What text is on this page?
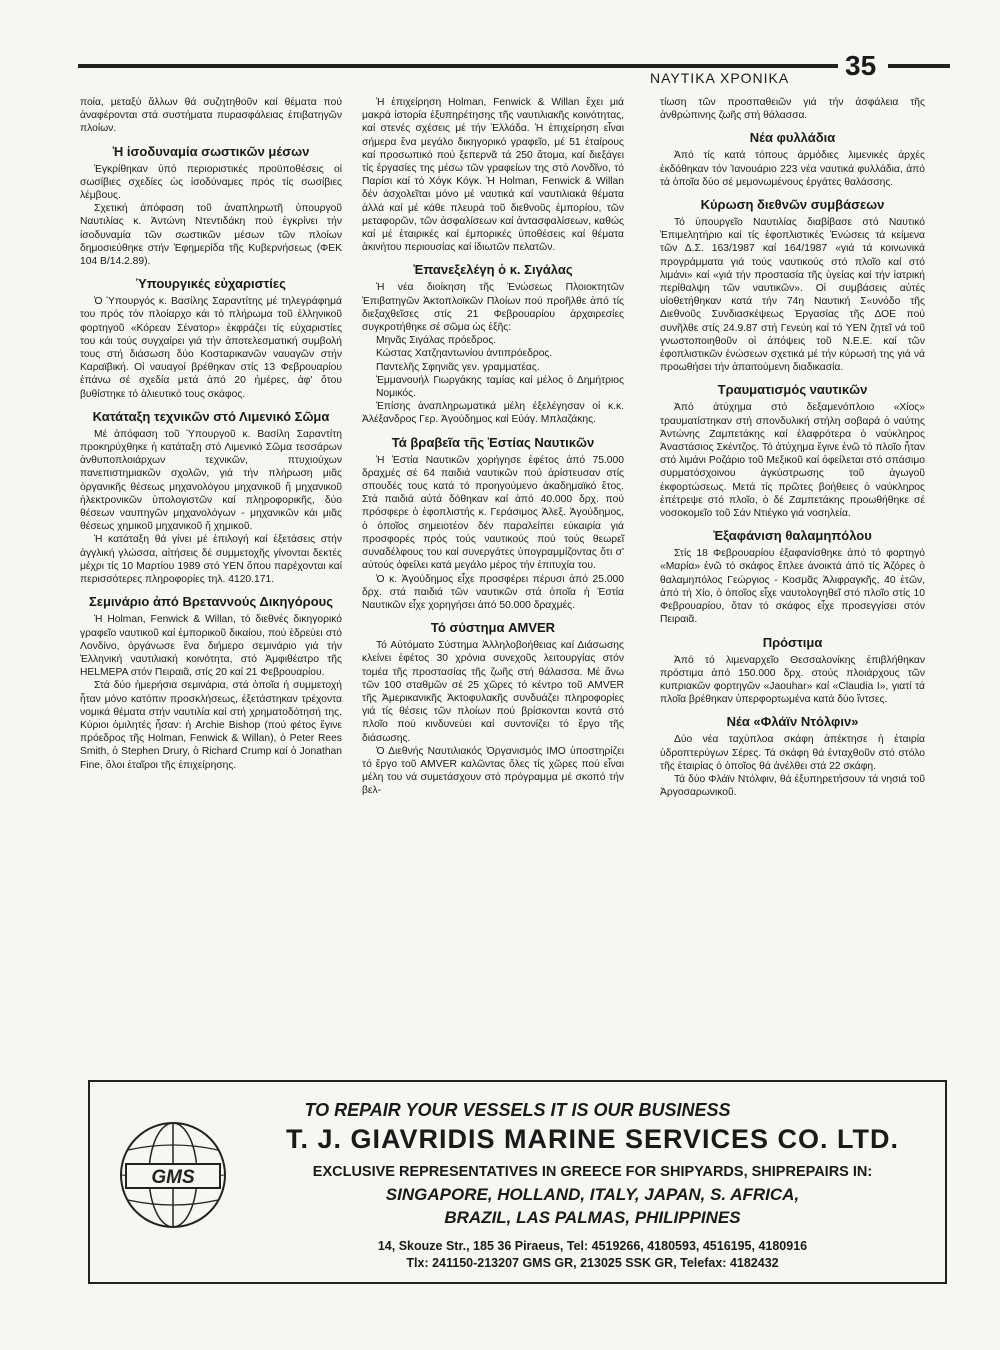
ΝΑΥΤΙΚΑ ΧΡΟΝΙΚΑ 35

ποία, μεταξύ ἄλλων θά συζητηθοῦν καί θέματα πού ἀναφέρονται στά συστήματα πυρασφάλειας ἐπιβατηγῶν πλοίων.

Ἡ ἰσοδυναμία σωστικῶν μέσων

Ἐγκρίθηκαν ὑπό περιοριστικές προϋποθέσεις οἱ σωσίβιες σχεδίες ὡς ἰσοδύναμες πρός τίς σωσίβιες λέμβους.

Σχετική ἀπόφαση τοῦ ἀναπληρωτῆ ὑπουργοῦ Ναυτιλίας κ. Ἀντώνη Ντεντιδάκη πού ἐγκρίνει τήν ἰσοδυναμία τῶν σωστικῶν μέσων τῶν πλοίων δημοσιεύθηκε στήν Ἐφημερίδα τῆς Κυβερνήσεως (ΦΕΚ 104 Β/14.2.89).

Ὑπουργικές εὐχαριστίες

Ὁ Ὑπουργός κ. Βασίλης Σαραντίτης μέ τηλεγράφημά του πρός τόν πλοίαρχο κάι τό πλήρωμα τοῦ ἑλληνικοῦ φορτηγοῦ «Κόρεαν Σένατορ» ἐκφράζει τίς εὐχαριστίες του κάι τούς συγχαίρει γιά τήν ἀποτελεσματική συμβολή τους στή διάσωση δύο Κοσταρικανῶν ναυαγῶν στήν Καραϊβική. Οἱ ναυαγοί βρέθηκαν στίς 13 Φεβρουαρίου ἐπάνω σέ σχεδία μετά ἀπό 20 ἡμέρες, ἀφ' ὅτου βυθίστηκε τό ἁλιευτικό τους σκάφος.

Κατάταξη τεχνικῶν στό Λιμενικό Σῶμα

Μέ ἀπόφαση τοῦ Ὑπουργοῦ κ. Βασίλη Σαραντίτη προκηρύχθηκε ἡ κατάταξη στό Λιμενικό Σῶμα τεσσάρων ἀνθυποπλοιάρχων τεχνικῶν, πτυχιούχων πανεπιστημιακῶν σχολῶν, γιά τήν πλήρωση μιᾶς ὀργανικῆς θέσεως μηχανολόγου μηχανικοῦ ἤ μηχανικοῦ ἠλεκτρονικῶν ὑπολογιστῶν καί πληροφορικῆς, δύο θέσεων ναυπηγῶν μηχανολόγων - μηχανικῶν κάι μιᾶς θέσεως χημικοῦ μηχανικοῦ ἤ χημικοῦ.

Ἡ κατάταξη θά γίνει μέ ἐπιλογή καί ἐξετάσεις στήν ἀγγλική γλώσσα, αἰτήσεις δέ συμμετοχῆς γίνονται δεκτές μέχρι τίς 10 Μαρτίου 1989 στό ΥΕΝ ὅπου παρέχονται καί περισσότερες πληροφορίες τηλ. 4120.171.

Σεμινάριο ἀπό Βρεταννούς Δικηγόρους

Ἡ Holman, Fenwick & Willan, τό διεθνές δικηγορικό γραφεῖο ναυτικοῦ καί ἐμπορικοῦ δικαίου, πού ἑδρεύει στό Λονδίνο, ὀργάνωσε ἕνα διήμερο σεμινάριο γιά τήν Ἑλληνική ναυτιλιακή κοινότητα, στό Ἀμφιθέατρο τῆς HELMEPA στόν Πειραιᾶ, στίς 20 καί 21 Φεβρουαρίου.

Στά δύο ἡμερήσια σεμινάρια, στά ὁποῖα ἡ συμμετοχή ἦταν μόνο κατόπιν προσκλήσεως, ἐξετάστηκαν τρέχοντα νομικά θέματα στήν ναυτιλία καί στή χρηματοδότησή της. Κύριοι ὁμιλητές ἦσαν: ἡ Archie Bishop (πού φέτος ἔγινε πρόεδρος τῆς Holman, Fenwick & Willan), ὁ Peter Rees Smith, ὁ Stephen Drury, ὁ Richard Crump καί ὁ Jonathan Fine, ὅλοι ἑταῖροι τῆς ἐπιχείρησης.

Ἡ ἐπιχείρηση Holman, Fenwick & Willan ἔχει μιά μακρά ἱστορία ἐξυπηρέτησης τῆς ναυτιλιακῆς κοινότητας, καί στενές σχέσεις μέ τήν Ἑλλάδα. Ἡ ἐπιχείρηση εἶναι σήμερα ἕνα μεγάλο δικηγορικό γραφεῖο, μέ 51 ἑταίρους καί προσωπικό πού ξεπερνᾶ τά 250 ἄτομα, καί διεξάγει τίς ἐργασίες της μέσω τῶν γραφείων της στό Λονδῖνο, τό Παρίσι καί τό Χόγκ Κόγκ. Ἡ Holman, Fenwick & Willan δέν ἀσχολεῖται μόνο μέ ναυτικά καί ναυτιλιακά θέματα ἀλλά καί μέ κάθε πλευρά τοῦ διεθνοῦς ἐμπορίου, τῶν μεταφορῶν, τῶν ἀσφαλίσεων καί ἀντασφαλίσεων, καθώς καί μέ ἑταιρικές καί ἐμπορικές ὑποθέσεις καί θέματα ἀκινήτου περιουσίας καί ἰδιωτῶν πελατῶν.

Ἐπανεξελέγη ὁ κ. Σιγάλας

Ἡ νέα διοίκηση τῆς Ἑνώσεως Πλοιοκτητῶν Ἐπιβατηγῶν Ἀκτοπλοϊκῶν Πλοίων πού προῆλθε ἀπό τίς διεξαχθεῖσες στίς 21 Φεβρουαρίου ἀρχαιρεσίες συγκροτήθηκε σέ σῶμα ὡς ἑξῆς:

Μηνᾶς Σιγάλας πρόεδρος.

Κώστας Χατζηαντωνίου ἀντιπρόεδρος.

Παντελῆς Σφηνιᾶς γεν. γραμματέας.

Ἐμμανουήλ Γιωργάκης ταμίας καί μέλος ὁ Δημήτριος Νομικός.

Ἐπίσης ἀναπληρωματικά μέλη ἐξελέγησαν οἱ κ.κ. Ἀλέξανδρος Γερ. Ἀγούδημος καί Εὐάγ. Μπλαζάκης.

Τά βραβεῖα τῆς Ἑστίας Ναυτικῶν

Ἡ Ἑστία Ναυτικῶν χορήγησε ἐφέτος ἀπό 75.000 δραχμές σέ 64 παιδιά ναυτικῶν πού ἀρίστευσαν στίς σπουδές τους κατά τό προηγούμενο ἀκαδημαϊκό ἔτος. Στά παιδιά αὐτά δόθηκαν καί ἀπό 40.000 δρχ. πού πρόσφερε ὁ ἐφοπλιστής κ. Γεράσιμος Ἀλεξ. Ἀγούδημος, ὁ ὁποῖος σημειοτέον δέν παραλείπει εὐκαιρία γιά προσφορές πρός τούς ναυτικούς πού τούς θεωρεῖ συναδέλφους του καί συνεργάτες ὑπογραμμίζοντας ὅτι σ' αὐτούς ὀφείλει κατά μεγάλο μέρος τήν ἐπιτυχία του.

Ὁ κ. Ἀγούδημος εἶχε προσφέρει πέρυσι ἀπό 25.000 δρχ. στά παιδιά τῶν ναυτικῶν στά ὁποῖα ἡ Ἑστία Ναυτικῶν εἶχε χορηγήσει ἀπό 50.000 δραχμές.

Τό σύστημα AMVER

Τό Αὐτόματο Σύστημα Ἀλληλοβοήθειας καί Διάσωσης κλείνει ἐφέτος 30 χρόνια συνεχοῦς λειτουργίας στόν τομέα τῆς προστασίας τῆς ζωῆς στή θάλασσα. Μέ ἄνω τῶν 100 σταθμῶν σέ 25 χῶρες τό κέντρο τοῦ AMVER τῆς Ἀμερικανικῆς Ἀκτοφυλακῆς συνδυάζει πληροφορίες γιά τίς θέσεις τῶν πλοίων πού βρίσκονται κοντά στό πλοῖο πού κινδυνεύει καί συντονίζει τό ἔργο τῆς διάσωσης.

Ὁ Διεθνής Ναυτιλιακός Ὀργανισμός ΙΜΟ ὑποστηρίζει τό ἔργο τοῦ AMVER καλῶντας ὅλες τίς χῶρες πού εἶναι μέλη του νά συμετάσχουν στό πρόγραμμα μέ σκοπό τήν βελ-

τίωση τῶν προσπαθειῶν γιά τήν ἀσφάλεια τῆς ἀνθρώπινης ζωῆς στή θάλασσα.

Νέα φυλλάδια

Ἀπό τίς κατά τόπους ἁρμόδιες λιμενικές ἀρχές ἐκδόθηκαν τόν Ἰανουάριο 223 νέα ναυτικά φυλλάδια, ἀπό τά ὁποῖα δύο σέ μεμονωμένους ἐργάτες θαλάσσης.

Κύρωση διεθνῶν συμβάσεων

Τό ὑπουργεῖο Ναυτιλίας διαβίβασε στό Ναυτικό Ἐπιμελητήριο καί τίς ἐφοπλιστικές Ἑνώσεις τά κείμενα τῶν Δ.Σ. 163/1987 καί 164/1987 «γιά τά κοινωνικά προγράμματα γιά τούς ναυτικούς στό πλοῖο καί στό λιμάνι» καί «γιά τήν προστασία τῆς ὑγείας καί τήν ἰατρική περίθαλψη τῶν ναυτικῶν». Οἱ συμβάσεις αὐτές υἱοθετήθηκαν κατά τήν 74η Ναυτική Σ«υνόδο τῆς Διεθνοῦς Συνδιασκέψεως Ἐργασίας τῆς ΔΟΕ πού συνῆλθε στίς 24.9.87 στή Γενεύη καί τό ΥΕΝ ζητεῖ νά τοῦ γνωστοποιηθοῦν οἱ ἀπόψεις τοῦ Ν.Ε.Ε. καί τῶν ἐφοπλιστικῶν ἑνώσεων σχετικά μέ τήν κύρωσή της γιά νά προωθήσει τήν ἀπαιτούμενη διαδικασία.

Τραυματισμός ναυτικῶν

Ἀπό ἀτύχημα στό δεξαμενόπλοιο «Χίος» τραυματίστηκαν στή σπονδυλική στήλη σοβαρά ὁ ναύτης Ἀντώνης Ζαμπετάκης καί ἐλαφρότερα ὁ ναύκληρος Ἀναστάσιος Σκέντζος. Τό ἀτύχημα ἔγινε ἐνῶ τό πλοῖο ἦταν στό λιμάνι Ροζάριο τοῦ Μεξικοῦ καί ὀφείλεται στό σπάσιμο συρματόσχοινου ἀγκύστρωσης τοῦ ἀγωγοῦ ἐκφορτώσεως. Μετά τίς πρῶτες βοήθειες ὁ ναύκληρος ἐπέτρεψε στό πλοῖο, ὁ δέ Ζαμπετάκης προωθήθηκε σέ νοσοκομεῖο τοῦ Σάν Ντιέγκο γιά νοσηλεία.

Ἐξαφάνιση θαλαμηπόλου

Στίς 18 Φεβρουαρίου ἐξαφανίσθηκε ἀπό τό φορτηγό «Μαρία» ἐνῶ τό σκάφος ἔπλεε ἀνοικτά ἀπό τίς Ἀζόρες ὁ θαλαμηπόλος Γεώργιος - Κοσμᾶς Ἀλιφραγκῆς, 40 ἐτῶν, ἀπό τή Χίο, ὁ ὁποῖος εἶχε ναυτολογηθεῖ στό πλοῖο στίς 10 Φεβρουαρίου, ὅταν τό σκάφος εἶχε προσεγγίσει στόν Πειραιᾶ.

Πρόστιμα

Ἀπό τό λιμεναρχεῖο Θεσσαλονίκης ἐπιβλήθηκαν πρόστιμα ἀπό 150.000 δρχ. στούς πλοιάρχους τῶν κυπριακῶν φορτηγῶν «Jaouhar» καί «Claudia I», γιατί τά πλοῖα βρέθηκαν ὑπερφορτωμένα κατά δύο ἴντσες.

Νέα «Φλάϊν Ντόλφιν»

Δύο νέα ταχύπλοα σκάφη ἀπέκτησε ἡ ἑταιρία ὑδροπτερύγων Σέρες. Τά σκάφη θά ἐνταχθοῦν στό στόλο τῆς ἑταιρίας ὁ ὁποῖος θά ἀνέλθει στά 22 σκάφη.

Τά δύο Φλάϊν Ντόλφιν, θά ἐξυπηρετήσουν τά νησιά τοῦ Ἀργοσαρωνικοῦ.

TO REPAIR YOUR VESSELS IT IS OUR BUSINESS
GMS
T. J. GIAVRIDIS MARINE SERVICES CO. LTD.
EXCLUSIVE REPRESENTATIVES IN GREECE FOR SHIPYARDS, SHIPREPAIRS IN:
SINGAPORE, HOLLAND, ITALY, JAPAN, S. AFRICA,
BRAZIL, LAS PALMAS, PHILIPPINES
14, Skouze Str., 185 36 Piraeus, Tel: 4519266, 4180593, 4516195, 4180916
Tlx: 241150-213207 GMS GR, 213025 SSK GR, Telefax: 4182432
